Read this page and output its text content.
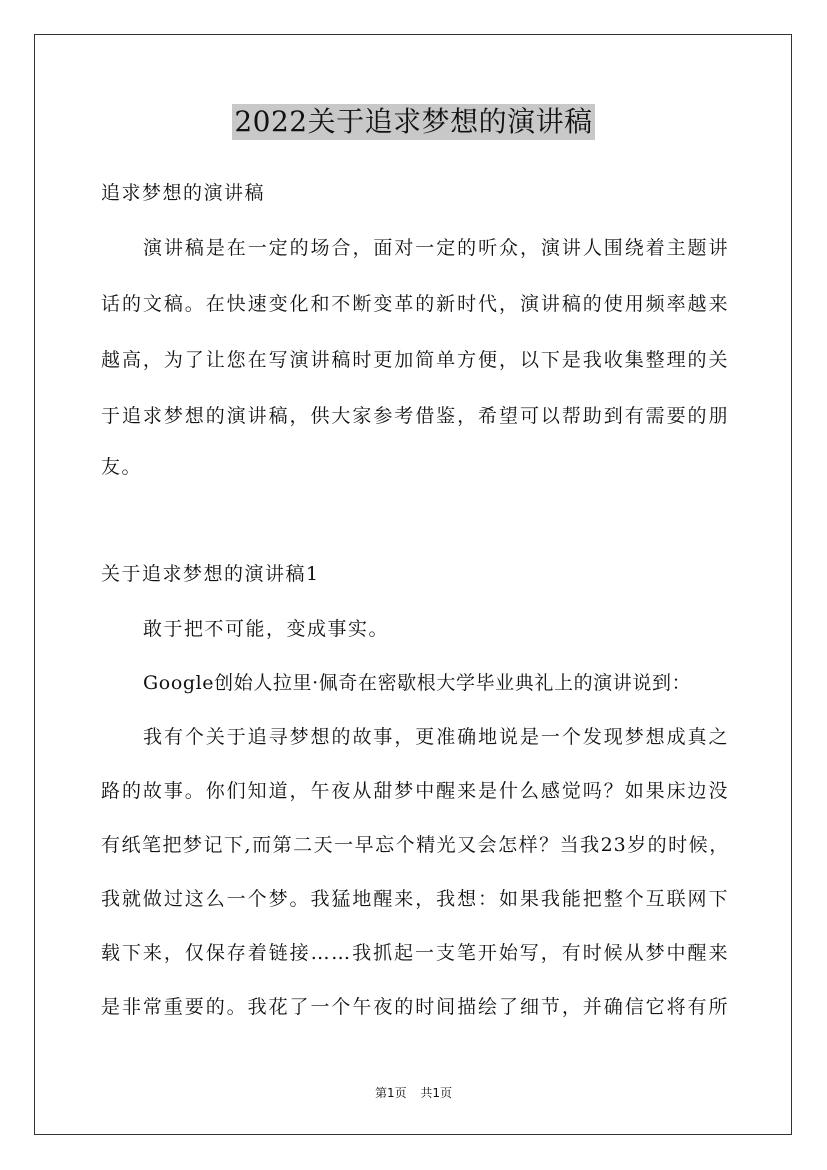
2022关于追求梦想的演讲稿
追求梦想的演讲稿
演讲稿是在一定的场合，面对一定的听众，演讲人围绕着主题讲
话的文稿。在快速变化和不断变革的新时代，演讲稿的使用频率越来
越高，为了让您在写演讲稿时更加简单方便，以下是我收集整理的关
于追求梦想的演讲稿，供大家参考借鉴，希望可以帮助到有需要的朋
友。
关于追求梦想的演讲稿1
敢于把不可能，变成事实。
Google创始人拉里·佩奇在密歇根大学毕业典礼上的演讲说到：
我有个关于追寻梦想的故事，更准确地说是一个发现梦想成真之
路的故事。你们知道，午夜从甜梦中醒来是什么感觉吗？如果床边没
有纸笔把梦记下,而第二天一早忘个精光又会怎样？当我23岁的时候，
我就做过这么一个梦。我猛地醒来，我想：如果我能把整个互联网下
载下来，仅保存着链接……我抓起一支笔开始写，有时候从梦中醒来
是非常重要的。我花了一个午夜的时间描绘了细节，并确信它将有所
第1页 共1页
